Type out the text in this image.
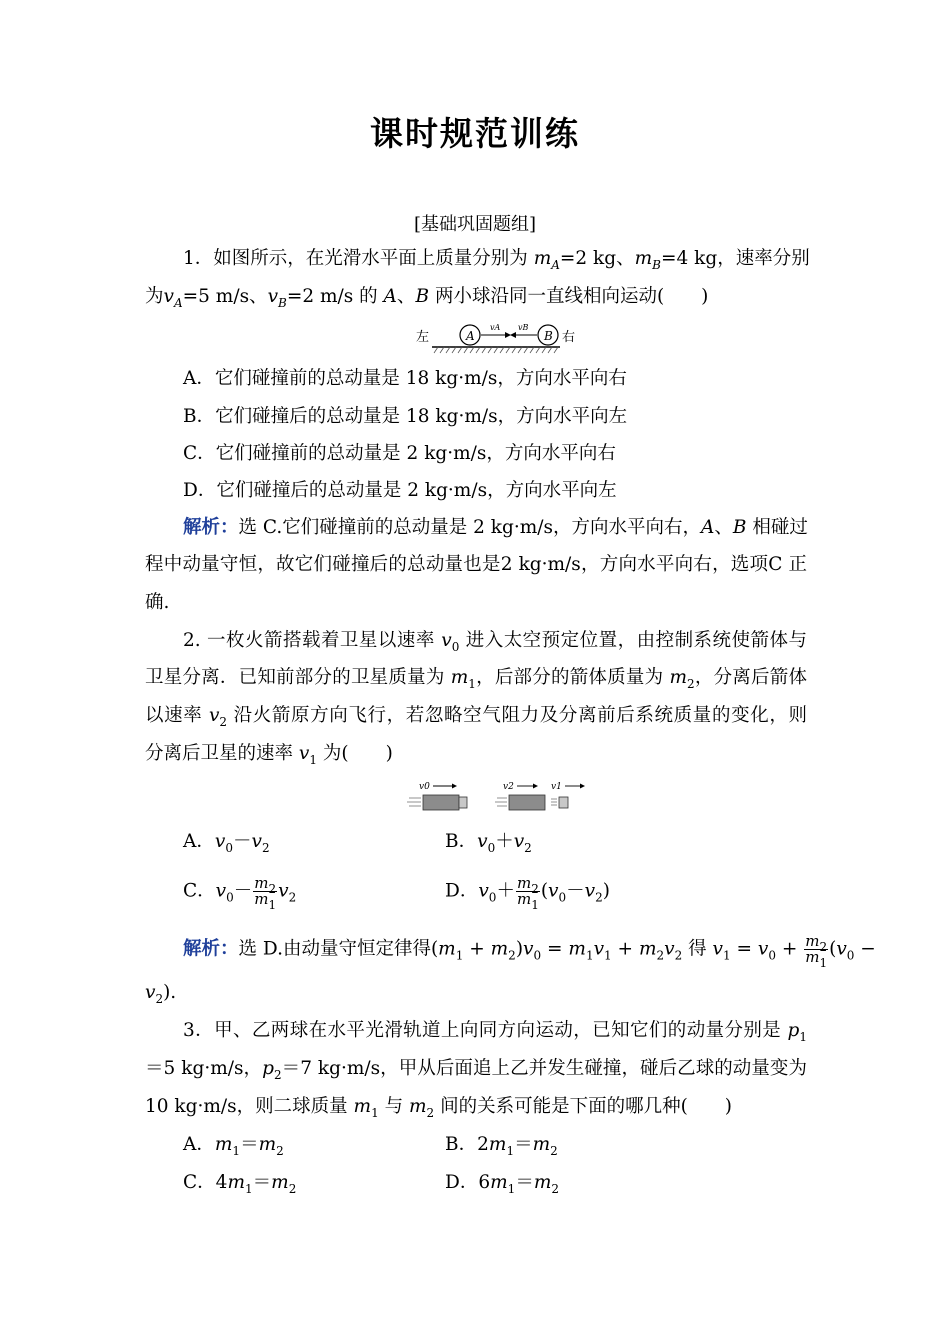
课时规范训练
[基础巩固题组]
1．如图所示，在光滑水平面上质量分别为 $m_A=2$ kg、$m_B=4$ kg，速率分别
为$v_A=5$ m/s、$v_B=2$ m/s 的 A、B 两小球沿同一直线相向运动(　　)
左	A
vA vB
B 右
A．它们碰撞前的总动量是 18 kg·m/s，方向水平向右
B．它们碰撞后的总动量是 18 kg·m/s，方向水平向左
C．它们碰撞前的总动量是 2 kg·m/s，方向水平向右
D．它们碰撞后的总动量是 2 kg·m/s，方向水平向左
解析：选 C.它们碰撞前的总动量是 2 kg·m/s，方向水平向右，A、B 相碰过
程中动量守恒，故它们碰撞后的总动量也是2 kg·m/s，方向水平向右，选项C 正
确.
2. 一枚火箭搭载着卫星以速率 $v_0$ 进入太空预定位置，由控制系统使箭体与
卫星分离．已知前部分的卫星质量为 $m_1$，后部分的箭体质量为 $m_2$，分离后箭体
以速率 $v_2$ 沿火箭原方向飞行，若忽略空气阻力及分离前后系统质量的变化，则
分离后卫星的速率 $v_1$ 为(　　)
v0	v2	v1
A．$v_0-v_2$	B．$v_0+v_2$
C．$v_0- \frac{m_2}{m_1} v_2$	D．$v_0+ \frac{m_2}{m_1} (v_0-v_2)$
解析：选 D.由动量守恒定律得$(m_1 + m_2)v_0 = m_1v_1 + m_2v_2$ 得 $v_1 = v_0 + \frac{m_2}{m_1} (v_0$ −
$v_2$).
3．甲、乙两球在水平光滑轨道上向同方向运动，已知它们的动量分别是 $p_1$
＝5 kg·m/s，$p_2=7$ kg·m/s，甲从后面追上乙并发生碰撞，碰后乙球的动量变为
10 kg·m/s，则二球质量 $m_1$ 与 $m_2$ 间的关系可能是下面的哪几种(　　)
A．$m_1=m_2$	B．$2m_1=m_2$
C．$4m_1=m_2$	D．$6m_1=m_2$
